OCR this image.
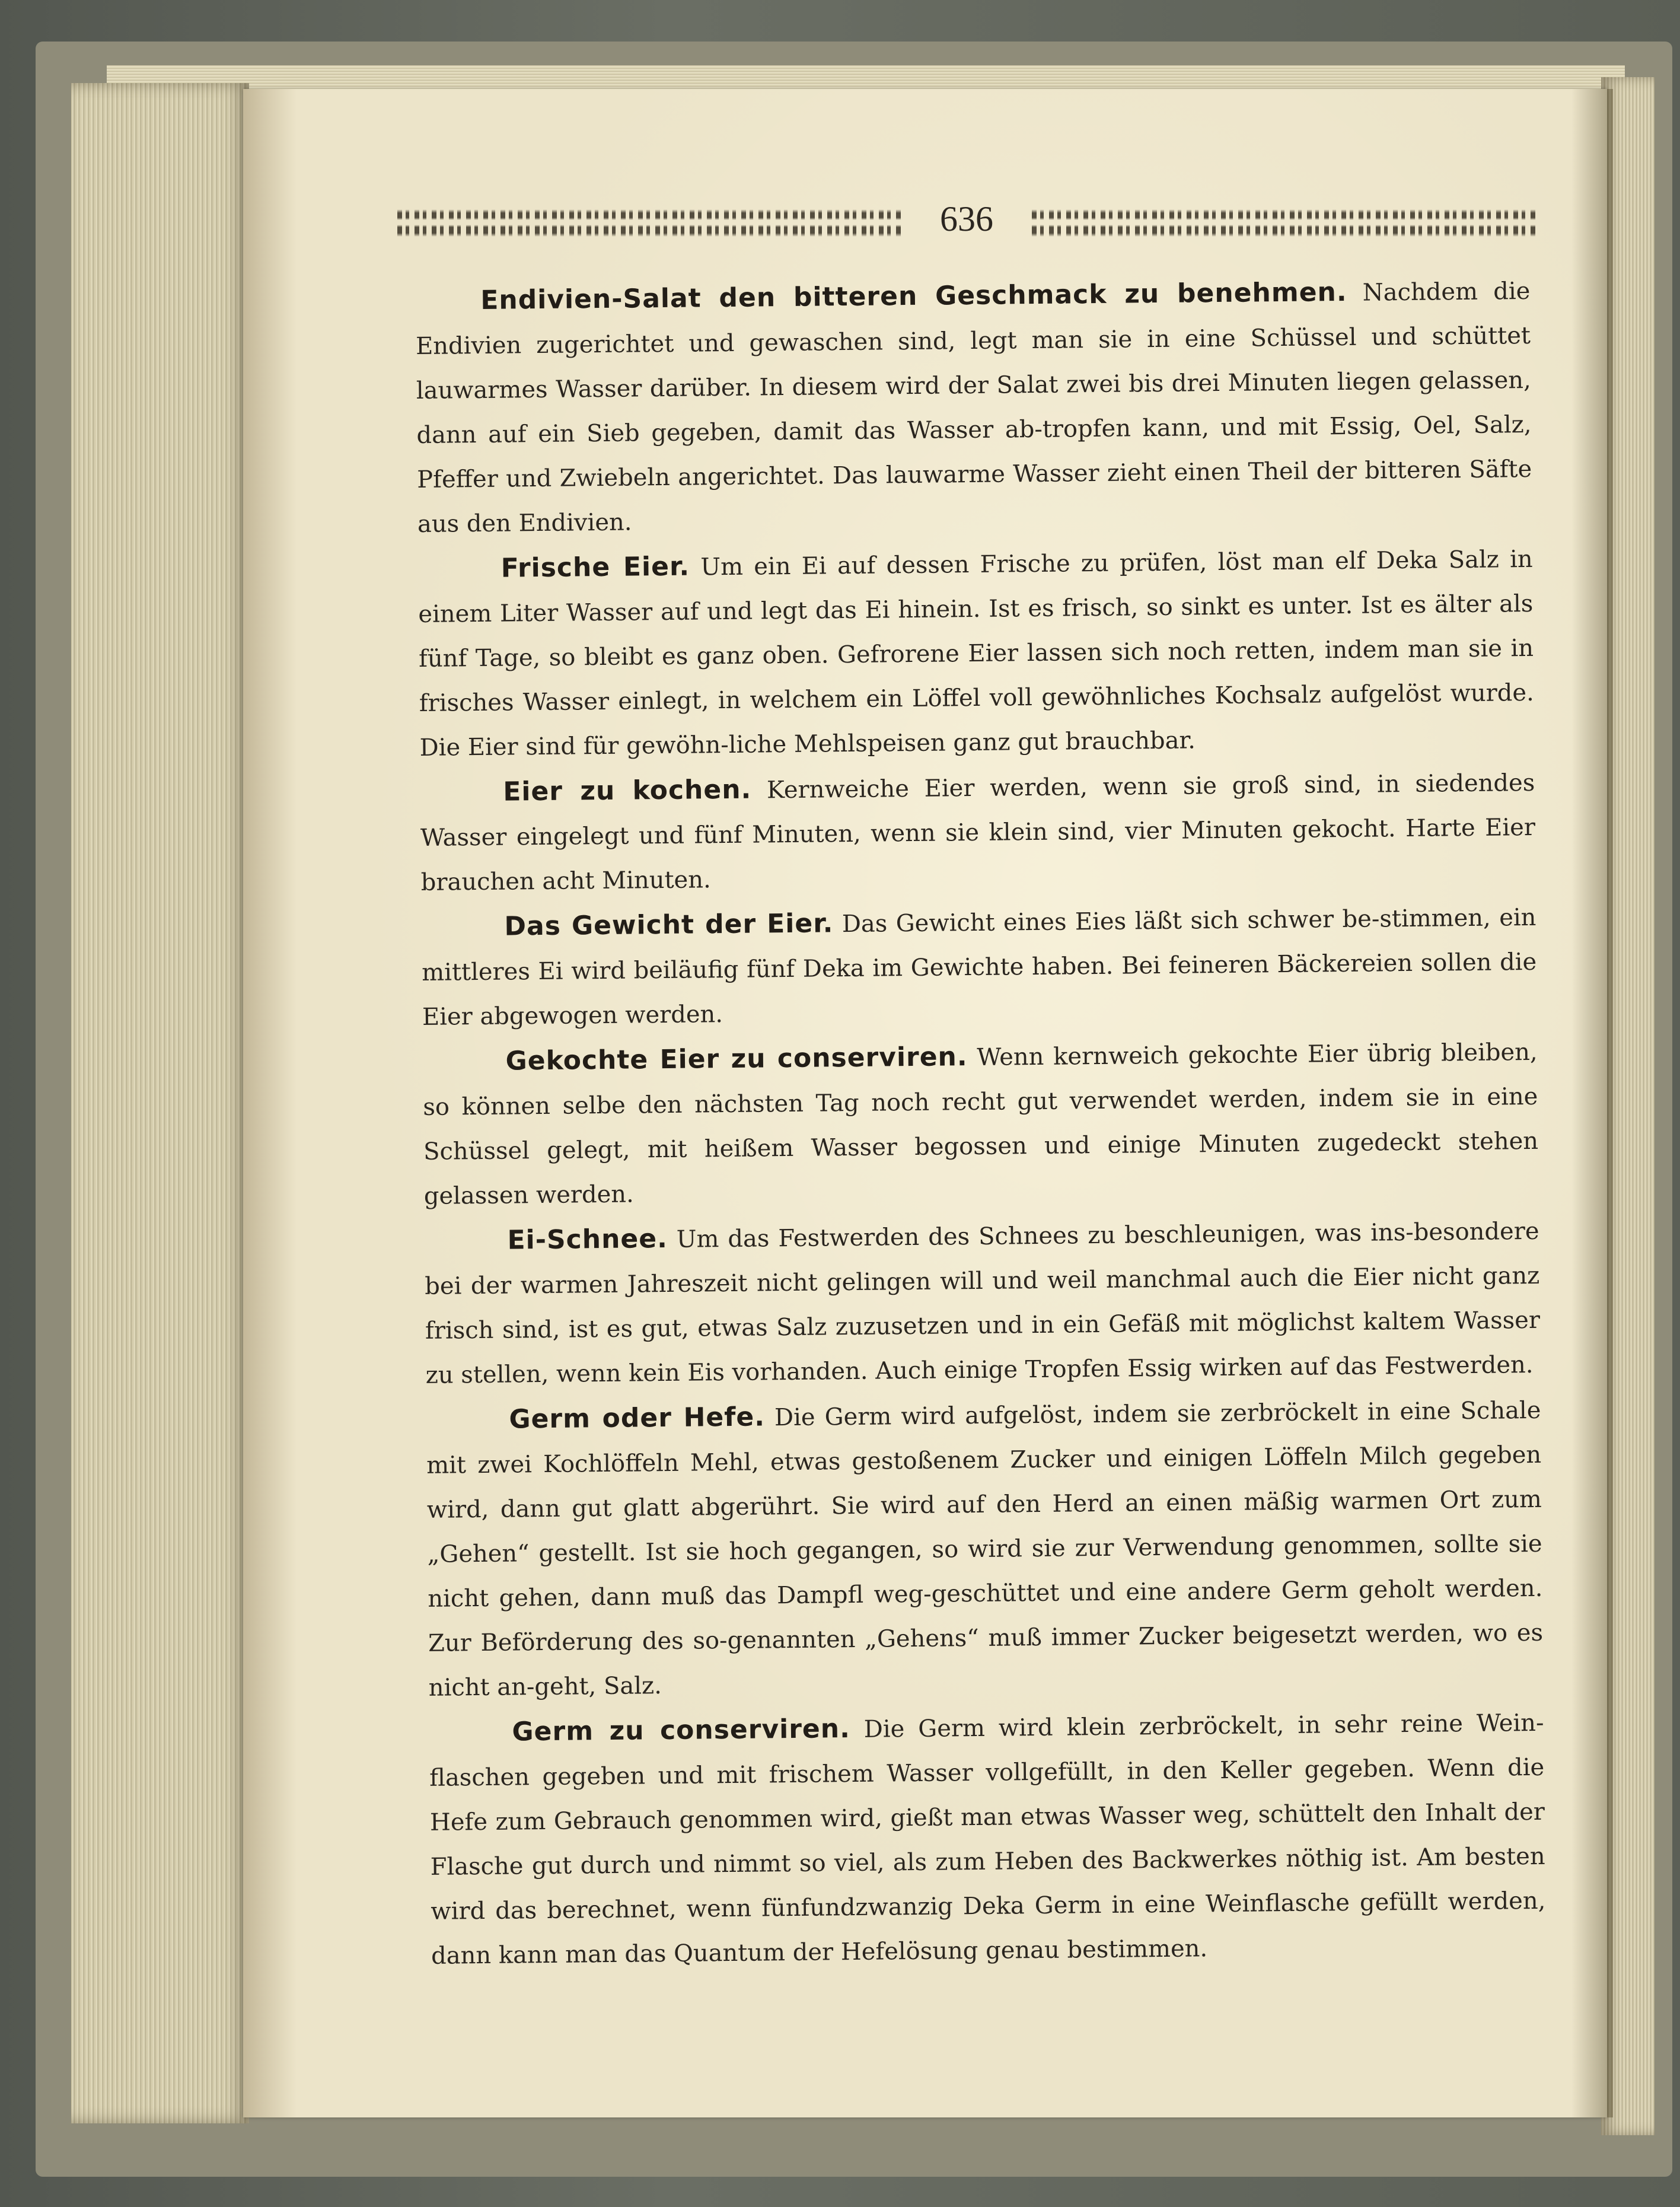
636

Endivien-Salat den bitteren Geschmack zu benehmen. Nachdem die Endivien zugerichtet und gewaschen sind, legt man sie in eine Schüssel und schüttet lauwarmes Wasser darüber. In diesem wird der Salat zwei bis drei Minuten liegen gelassen, dann auf ein Sieb gegeben, damit das Wasser ab-tropfen kann, und mit Essig, Oel, Salz, Pfeffer und Zwiebeln angerichtet. Das lauwarme Wasser zieht einen Theil der bitteren Säfte aus den Endivien.

Frische Eier. Um ein Ei auf dessen Frische zu prüfen, löst man elf Deka Salz in einem Liter Wasser auf und legt das Ei hinein. Ist es frisch, so sinkt es unter. Ist es älter als fünf Tage, so bleibt es ganz oben. Gefrorene Eier lassen sich noch retten, indem man sie in frisches Wasser einlegt, in welchem ein Löffel voll gewöhnliches Kochsalz aufgelöst wurde. Die Eier sind für gewöhn-liche Mehlspeisen ganz gut brauchbar.

Eier zu kochen. Kernweiche Eier werden, wenn sie groß sind, in siedendes Wasser eingelegt und fünf Minuten, wenn sie klein sind, vier Minuten gekocht. Harte Eier brauchen acht Minuten.

Das Gewicht der Eier. Das Gewicht eines Eies läßt sich schwer be-stimmen, ein mittleres Ei wird beiläufig fünf Deka im Gewichte haben. Bei feineren Bäckereien sollen die Eier abgewogen werden.

Gekochte Eier zu conserviren. Wenn kernweich gekochte Eier übrig bleiben, so können selbe den nächsten Tag noch recht gut verwendet werden, indem sie in eine Schüssel gelegt, mit heißem Wasser begossen und einige Minuten zugedeckt stehen gelassen werden.

Ei-Schnee. Um das Festwerden des Schnees zu beschleunigen, was ins-besondere bei der warmen Jahreszeit nicht gelingen will und weil manchmal auch die Eier nicht ganz frisch sind, ist es gut, etwas Salz zuzusetzen und in ein Gefäß mit möglichst kaltem Wasser zu stellen, wenn kein Eis vorhanden. Auch einige Tropfen Essig wirken auf das Festwerden.

Germ oder Hefe. Die Germ wird aufgelöst, indem sie zerbröckelt in eine Schale mit zwei Kochlöffeln Mehl, etwas gestoßenem Zucker und einigen Löffeln Milch gegeben wird, dann gut glatt abgerührt. Sie wird auf den Herd an einen mäßig warmen Ort zum „Gehen“ gestellt. Ist sie hoch gegangen, so wird sie zur Verwendung genommen, sollte sie nicht gehen, dann muß das Dampfl weg-geschüttet und eine andere Germ geholt werden. Zur Beförderung des so-genannten „Gehens“ muß immer Zucker beigesetzt werden, wo es nicht an-geht, Salz.

Germ zu conserviren. Die Germ wird klein zerbröckelt, in sehr reine Wein-flaschen gegeben und mit frischem Wasser vollgefüllt, in den Keller gegeben. Wenn die Hefe zum Gebrauch genommen wird, gießt man etwas Wasser weg, schüttelt den Inhalt der Flasche gut durch und nimmt so viel, als zum Heben des Backwerkes nöthig ist. Am besten wird das berechnet, wenn fünfundzwanzig Deka Germ in eine Weinflasche gefüllt werden, dann kann man das Quantum der Hefelösung genau bestimmen.
